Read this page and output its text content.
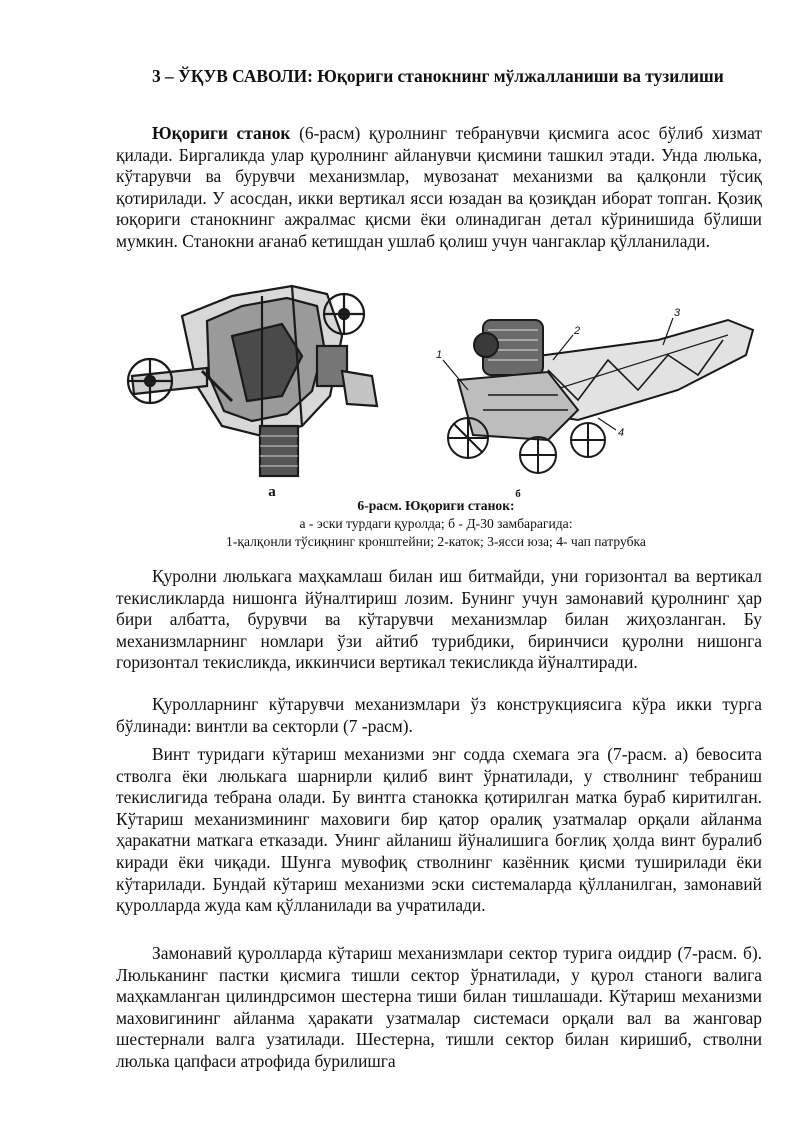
3 – ЎҚУВ САВОЛИ: Юқориги станокнинг мўлжалланиши ва тузилиши

Юқориги станок (6-расм) қуролнинг тебранувчи қисмига асос бўлиб хизмат қилади. Биргаликда улар қуролнинг айланувчи қисмини ташкил этади. Унда люлька, кўтарувчи ва бурувчи механизмлар, мувозанат механизми ва қалқонли тўсиқ қотирилади. У асосдан, икки вертикал ясси юзадан ва қозиқдан иборат топган. Қозиқ юқориги станокнинг ажралмас қисми ёки олинадиган детал кўринишида бўлиши мумкин. Станокни ағанаб кетишдан ушлаб қолиш учун чангаклар қўлланилади.

1
2
3
4
а	б
6-расм. Юқориги станок:
а - эски турдаги қуролда; б - Д-30 замбарагида:
1-қалқонли тўсиқнинг кронштейни; 2-каток; 3-ясси юза; 4- чап патрубка

Қуролни люлькага маҳкамлаш билан иш битмайди, уни горизонтал ва вертикал текисликларда нишонга йўналтириш лозим. Бунинг учун замонавий қуролнинг ҳар бири албатта, бурувчи ва кўтарувчи механизмлар билан жиҳозланган. Бу механизмларнинг номлари ўзи айтиб турибдики, биринчиси қуролни нишонга горизонтал текисликда, иккинчиси вертикал текисликда йўналтиради.

Қуролларнинг кўтарувчи механизмлари ўз конструкциясига кўра икки турга бўлинади: винтли ва секторли (7 -расм).

Винт туридаги кўтариш механизми энг содда схемага эга (7-расм. а) бевосита стволга ёки люлькага шарнирли қилиб винт ўрнатилади, у стволнинг тебраниш текислигида тебрана олади. Бу винтга станокка қотирилган матка бураб киритилган. Кўтариш механизмининг маховиги бир қатор оралиқ узатмалар орқали айланма ҳаракатни маткага етказади. Унинг айланиш йўналишига боғлиқ ҳолда винт буралиб киради ёки чиқади. Шунга мувофиқ стволнинг казённик қисми туширилади ёки кўтарилади. Бундай кўтариш механизми эски системаларда қўлланилган, замонавий қуролларда жуда кам қўлланилади ва учратилади.

Замонавий қуролларда кўтариш механизмлари сектор турига оиддир (7-расм. б). Люльканинг пастки қисмига тишли сектор ўрнатилади, у қурол станоги валига маҳкамланган цилиндрсимон шестерна тиши билан тишлашади. Кўтариш механизми маховигининг айланма ҳаракати узатмалар системаси орқали вал ва жанговар шестернали валга узатилади. Шестерна, тишли сектор билан киришиб, стволни люлька цапфаси атрофида бурилишга
